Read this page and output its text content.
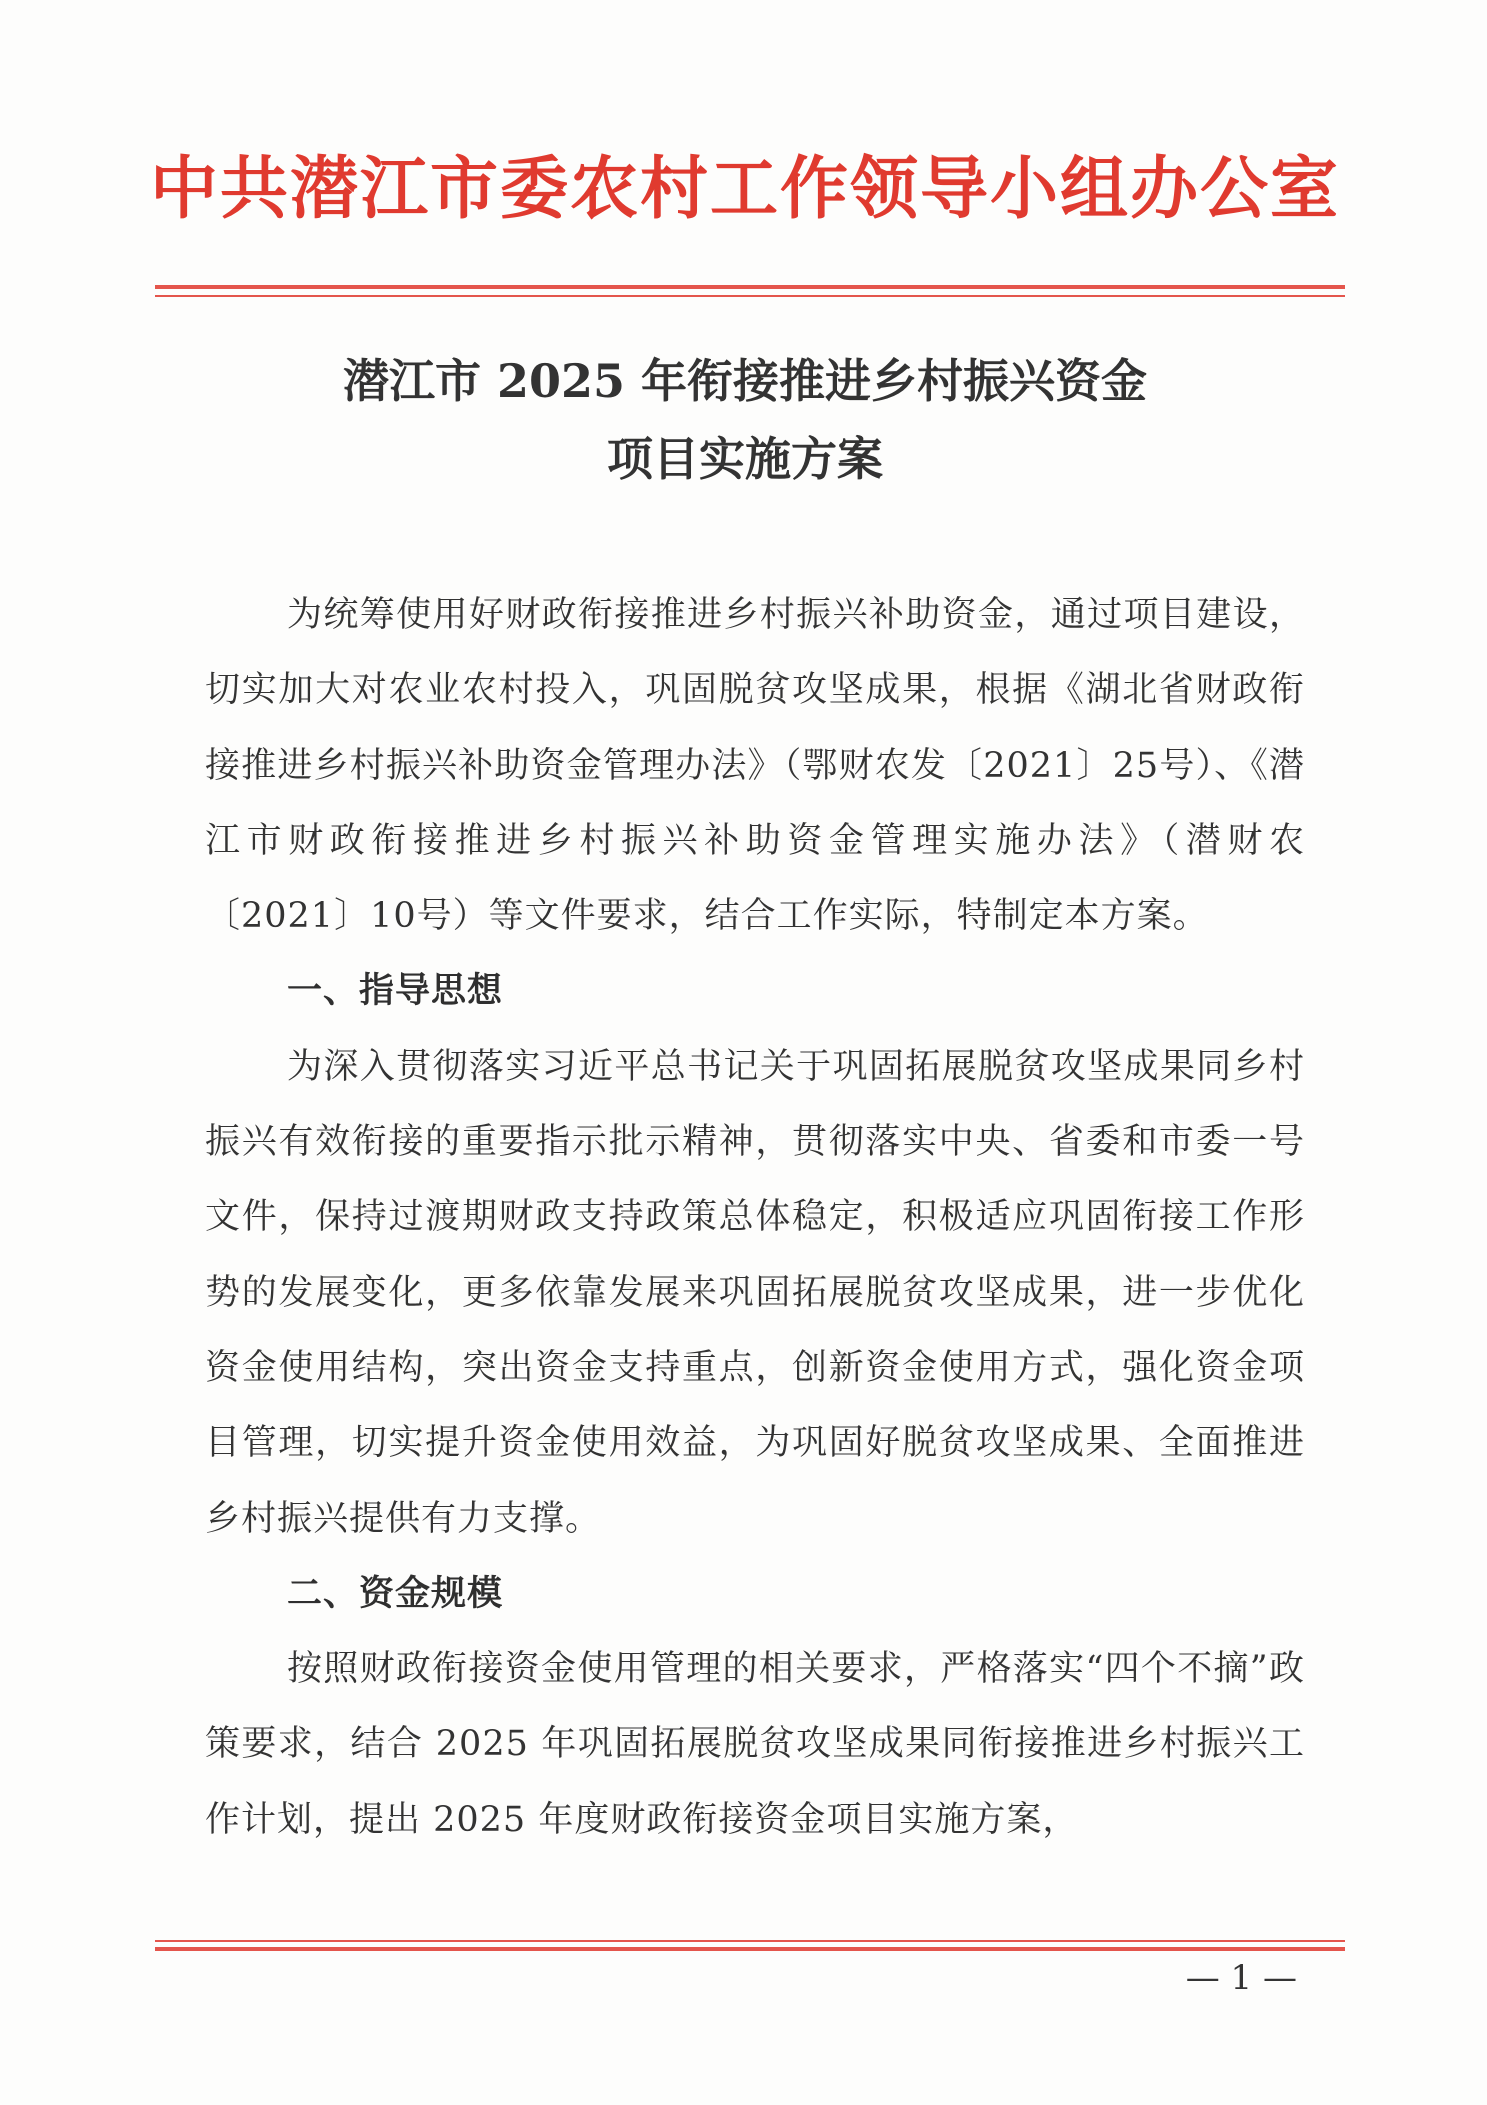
中共潜江市委农村工作领导小组办公室
潜江市 2025 年衔接推进乡村振兴资金
项目实施方案

为统筹使用好财政衔接推进乡村振兴补助资金，通过项目建设，切实加大对农业农村投入，巩固脱贫攻坚成果，根据《湖北省财政衔接推进乡村振兴补助资金管理办法》（鄂财农发〔2021〕25号）、《潜江市财政衔接推进乡村振兴补助资金管理实施办法》（潜财农〔2021〕10号）等文件要求，结合工作实际，特制定本方案。

一、指导思想

为深入贯彻落实习近平总书记关于巩固拓展脱贫攻坚成果同乡村振兴有效衔接的重要指示批示精神，贯彻落实中央、省委和市委一号文件，保持过渡期财政支持政策总体稳定，积极适应巩固衔接工作形势的发展变化，更多依靠发展来巩固拓展脱贫攻坚成果，进一步优化资金使用结构，突出资金支持重点，创新资金使用方式，强化资金项目管理，切实提升资金使用效益，为巩固好脱贫攻坚成果、全面推进乡村振兴提供有力支撑。

二、资金规模

按照财政衔接资金使用管理的相关要求，严格落实“四个不摘”政策要求，结合 2025 年巩固拓展脱贫攻坚成果同衔接推进乡村振兴工作计划，提出 2025 年度财政衔接资金项目实施方案，

— 1 —
